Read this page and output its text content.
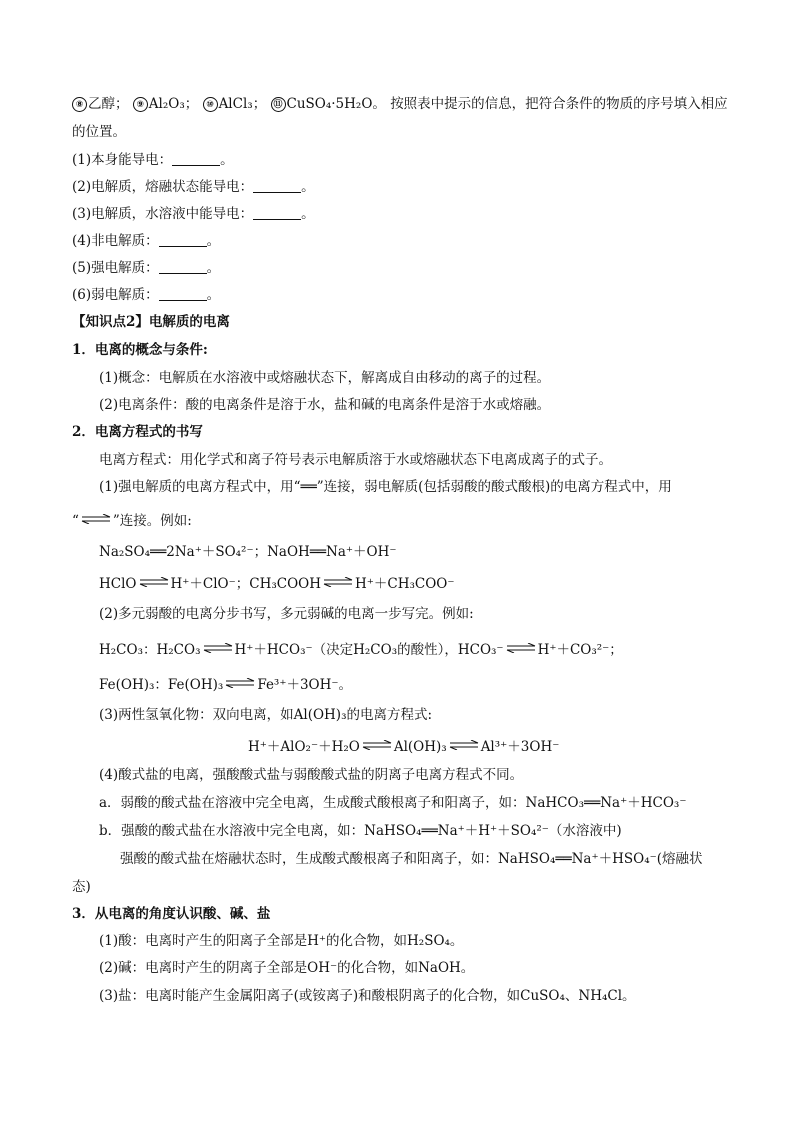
⑧ 乙醇； ⑨ Al₂O₃； ⑩ AlCl₃； ⑪ CuSO₄·5H₂O。 按照表中提示的信息，把符合条件的物质的序号填入相应
的位置。
(1)本身能导电：	。
(2)电解质，熔融状态能导电：	。
(3)电解质，水溶液中能导电：	。
(4)非电解质：	。
(5)强电解质：	。
(6)弱电解质：	。
【知识点2】电解质的电离
1．电离的概念与条件:
(1)概念：电解质在水溶液中或熔融状态下，解离成自由移动的离子的过程。
(2)电离条件：酸的电离条件是溶于水，盐和碱的电离条件是溶于水或熔融。
2．电离方程式的书写
电离方程式：用化学式和离子符号表示电解质溶于水或熔融状态下电离成离子的式子。
(1)强电解质的电离方程式中，用“══”连接，弱电解质(包括弱酸的酸式酸根)的电离方程式中，用
“	”连接。例如:
Na₂SO₄══2Na⁺＋SO₄²⁻；NaOH══Na⁺＋OH⁻
HClO	H⁺＋ClO⁻；CH₃COOH	H⁺＋CH₃COO⁻
(2)多元弱酸的电离分步书写，多元弱碱的电离一步写完。例如:
H₂CO₃：H₂CO₃	H⁺＋HCO₃⁻（决定H₂CO₃的酸性），HCO₃⁻	H⁺＋CO₃²⁻；
Fe(OH)₃：Fe(OH)₃	Fe³⁺＋3OH⁻。
(3)两性氢氧化物：双向电离，如Al(OH)₃的电离方程式:
H⁺＋AlO₂⁻＋H₂O	Al(OH)₃	Al³⁺＋3OH⁻
(4)酸式盐的电离，强酸酸式盐与弱酸酸式盐的阴离子电离方程式不同。
a．弱酸的酸式盐在溶液中完全电离，生成酸式酸根离子和阳离子，如：NaHCO₃══Na⁺＋HCO₃⁻
b．强酸的酸式盐在水溶液中完全电离，如：NaHSO₄══Na⁺＋H⁺＋SO₄²⁻（水溶液中)
强酸的酸式盐在熔融状态时，生成酸式酸根离子和阳离子，如：NaHSO₄══Na⁺＋HSO₄⁻(熔融状
态)
3．从电离的角度认识酸、碱、盐
(1)酸：电离时产生的阳离子全部是H⁺的化合物，如H₂SO₄。
(2)碱：电离时产生的阴离子全部是OH⁻的化合物，如NaOH。
(3)盐：电离时能产生金属阳离子(或铵离子)和酸根阴离子的化合物，如CuSO₄、NH₄Cl。
